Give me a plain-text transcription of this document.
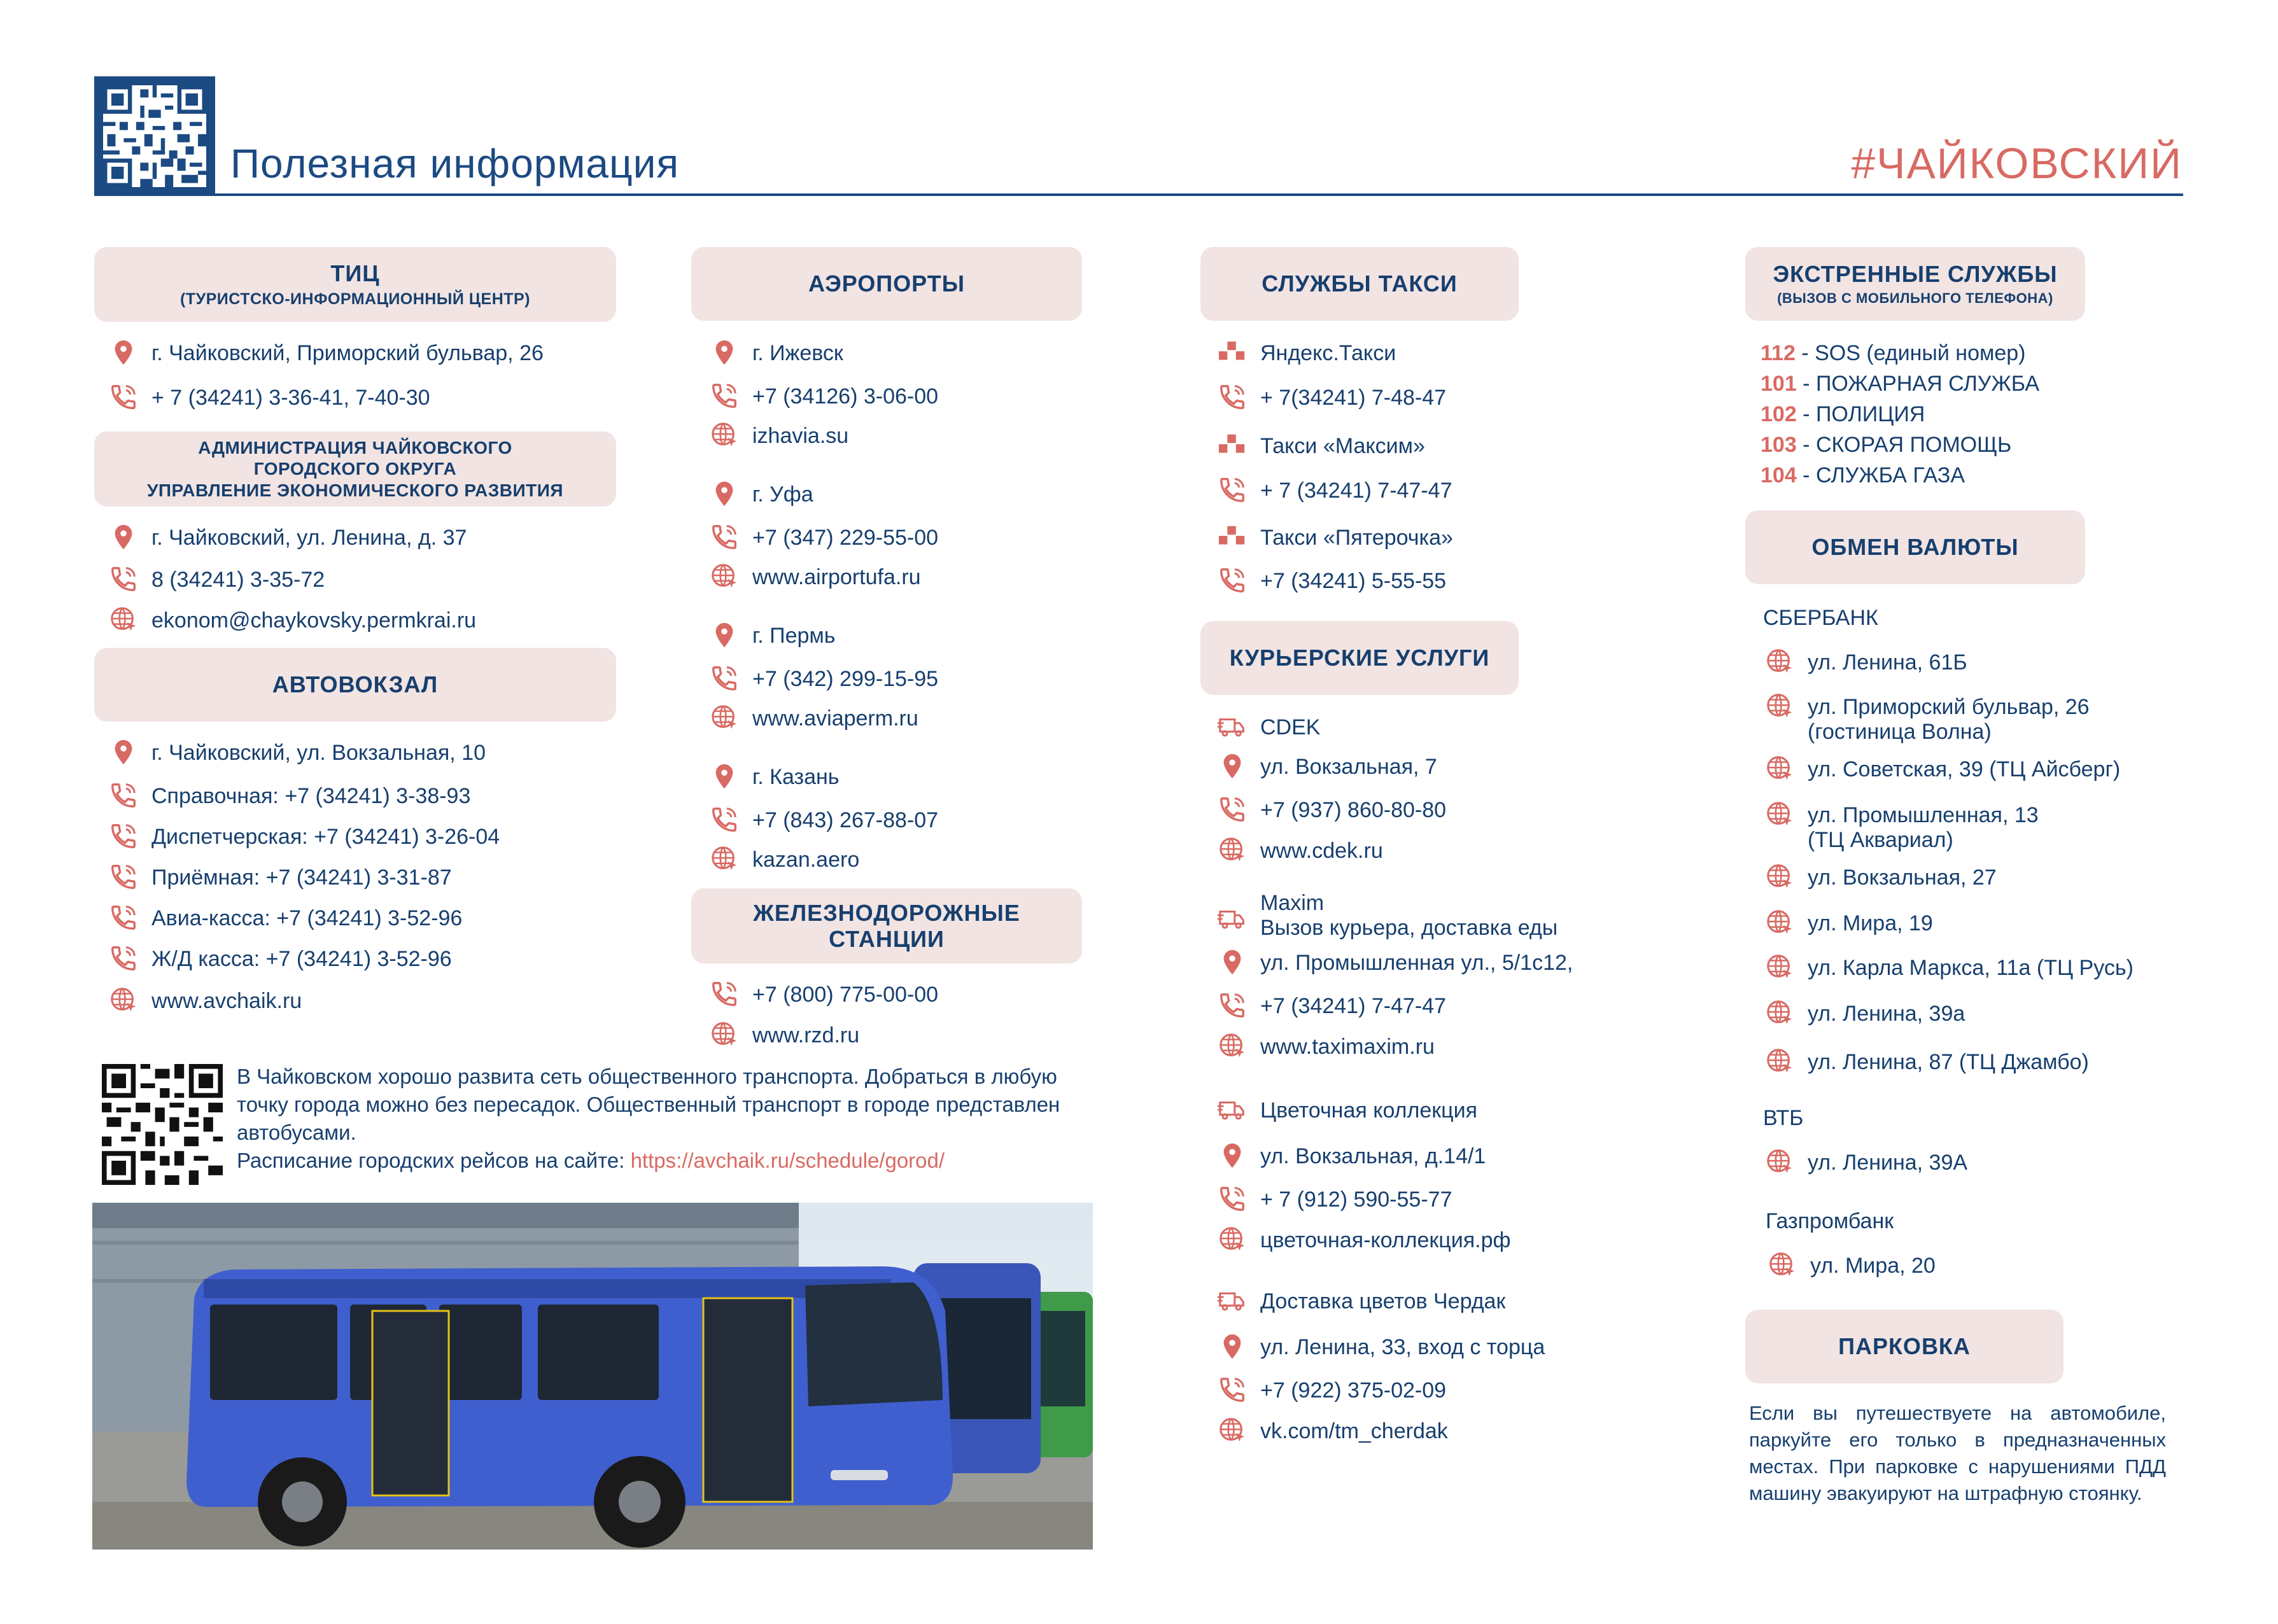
Полезная информация	#ЧАЙКОВСКИЙ
ТИЦ
(ТУРИСТСКО-ИНФОРМАЦИОННЫЙ ЦЕНТР)
г. Чайковский, Приморский бульвар, 26
+ 7 (34241) 3-36-41, 7-40-30
АДМИНИСТРАЦИЯ ЧАЙКОВСКОГО
ГОРОДСКОГО ОКРУГА
УПРАВЛЕНИЕ ЭКОНОМИЧЕСКОГО РАЗВИТИЯ
г. Чайковский, ул. Ленина, д. 37
8 (34241) 3-35-72
ekonom@chaykovsky.permkrai.ru
АВТОВОКЗАЛ
г. Чайковский, ул. Вокзальная, 10
Справочная: +7 (34241) 3-38-93
Диспетчерская: +7 (34241) 3-26-04
Приёмная: +7 (34241) 3-31-87
Авиа-касса: +7 (34241) 3-52-96
Ж/Д касса: +7 (34241) 3-52-96
www.avchaik.ru
В Чайковском хорошо развита сеть общественного транспорта. Добраться в любую точку города можно без пересадок. Общественный транспорт в городе представлен автобусами.
Расписание городских рейсов на сайте: https://avchaik.ru/schedule/gorod/
АЭРОПОРТЫ
г. Ижевск
+7 (34126) 3-06-00
izhavia.su
г. Уфа
+7 (347) 229-55-00
www.airportufa.ru
г. Пермь
+7 (342) 299-15-95
www.aviaperm.ru
г. Казань
+7 (843) 267-88-07
kazan.aero
ЖЕЛЕЗНОДОРОЖНЫЕ
СТАНЦИИ
+7 (800) 775-00-00
www.rzd.ru
СЛУЖБЫ ТАКСИ
Яндекс.Такси
+ 7(34241) 7-48-47
Такси «Максим»
+ 7 (34241) 7-47-47
Такси «Пятерочка»
+7 (34241) 5-55-55
КУРЬЕРСКИЕ УСЛУГИ
CDEK
ул. Вокзальная, 7
+7 (937) 860-80-80
www.cdek.ru
Maxim
Вызов курьера, доставка еды
ул. Промышленная ул., 5/1с12,
+7 (34241) 7-47-47
www.taximaxim.ru
Цветочная коллекция
ул. Вокзальная, д.14/1
+ 7 (912) 590-55-77
цветочная-коллекция.рф
Доставка цветов Чердак
ул. Ленина, 33, вход с торца
+7 (922) 375-02-09
vk.com/tm_cherdak
ЭКСТРЕННЫЕ СЛУЖБЫ
(ВЫЗОВ С МОБИЛЬНОГО ТЕЛЕФОНА)
112 - SOS (единый номер)
101 - ПОЖАРНАЯ СЛУЖБА
102 - ПОЛИЦИЯ
103 - СКОРАЯ ПОМОЩЬ
104 - СЛУЖБА ГАЗА
ОБМЕН ВАЛЮТЫ
СБЕРБАНК
ул. Ленина, 61Б
ул. Приморский бульвар, 26
(гостиница Волна)
ул. Советская, 39 (ТЦ Айсберг)
ул. Промышленная, 13
(ТЦ Аквариал)
ул. Вокзальная, 27
ул. Мира, 19
ул. Карла Маркса, 11а (ТЦ Русь)
ул. Ленина, 39а
ул. Ленина, 87 (ТЦ Джамбо)
ВТБ
ул. Ленина, 39А
Газпромбанк
ул. Мира, 20
ПАРКОВКА
Если вы путешествуете на автомобиле, паркуйте его только в предназначенных местах. При парковке с нарушениями ПДД машину эвакуируют на штрафную стоянку.
